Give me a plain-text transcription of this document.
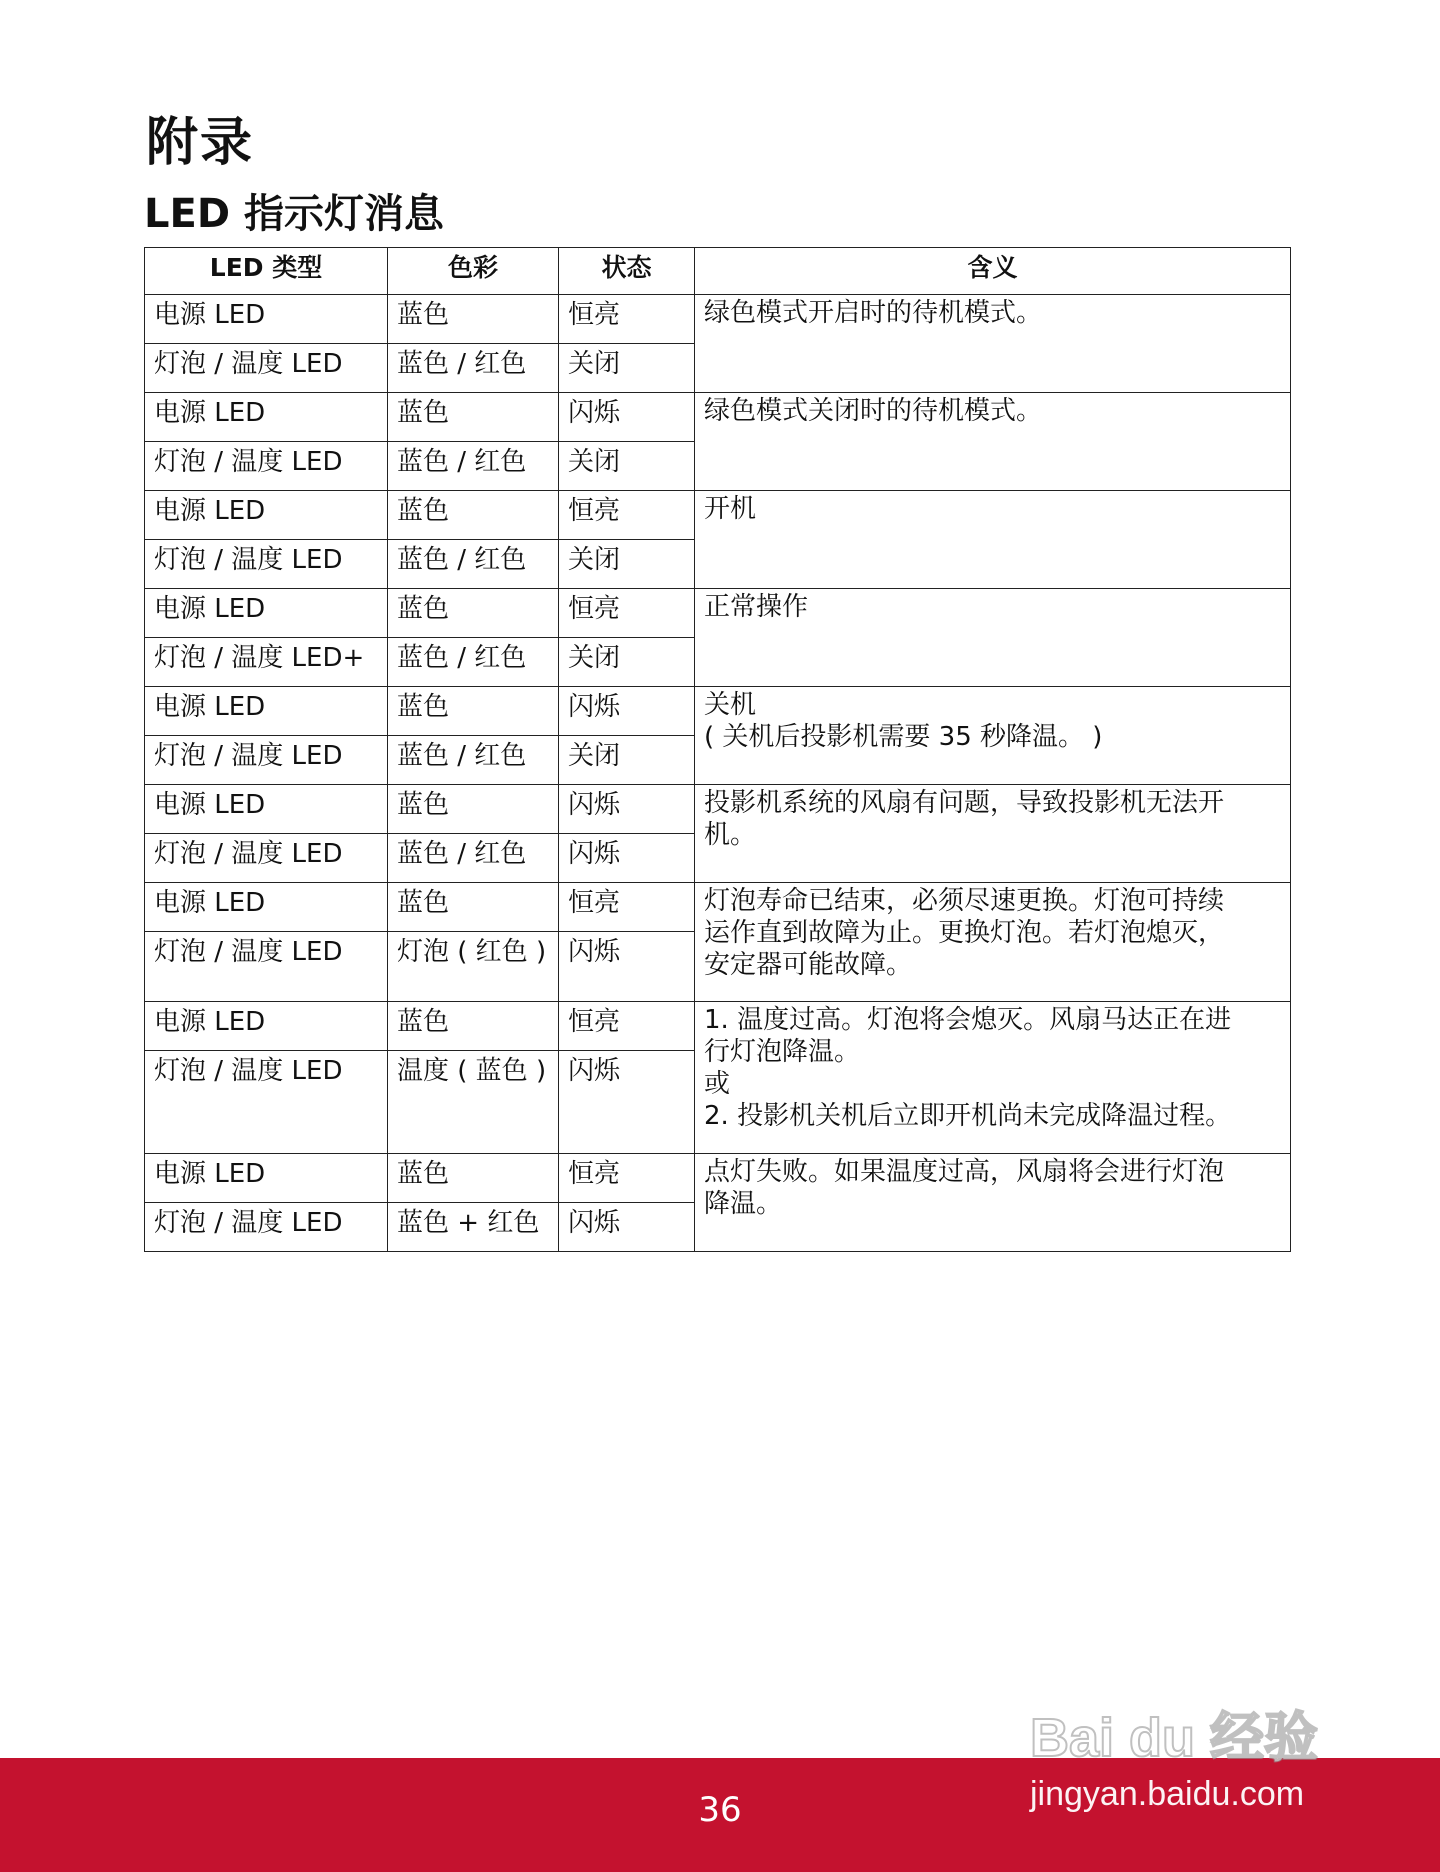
附录
LED 指示灯消息
LED 类型	色彩	状态	含义
电源 LED	蓝色	恒亮	绿色模式开启时的待机模式。
灯泡 / 温度 LED	蓝色 / 红色	关闭	
电源 LED	蓝色	闪烁	绿色模式关闭时的待机模式。
灯泡 / 温度 LED	蓝色 / 红色	关闭	
电源 LED	蓝色	恒亮	开机
灯泡 / 温度 LED	蓝色 / 红色	关闭	
电源 LED	蓝色	恒亮	正常操作
灯泡 / 温度 LED+	蓝色 / 红色	关闭	
电源 LED	蓝色	闪烁	关机
( 关机后投影机需要 35 秒降温。 )
灯泡 / 温度 LED	蓝色 / 红色	关闭	
电源 LED	蓝色	闪烁	投影机系统的风扇有问题，导致投影机无法开
机。
灯泡 / 温度 LED	蓝色 / 红色	闪烁	
电源 LED	蓝色	恒亮	灯泡寿命已结束，必须尽速更换。灯泡可持续
运作直到故障为止。更换灯泡。若灯泡熄灭，
安定器可能故障。
灯泡 / 温度 LED	灯泡 ( 红色 )	闪烁	
电源 LED	蓝色	恒亮	1. 温度过高。灯泡将会熄灭。风扇马达正在进
行灯泡降温。
或
2. 投影机关机后立即开机尚未完成降温过程。
灯泡 / 温度 LED	温度 ( 蓝色 )	闪烁	
电源 LED	蓝色	恒亮	点灯失败。如果温度过高，风扇将会进行灯泡
降温。
灯泡 / 温度 LED	蓝色 + 红色	闪烁	
36
Bai du 经验
jingyan.baidu.com
